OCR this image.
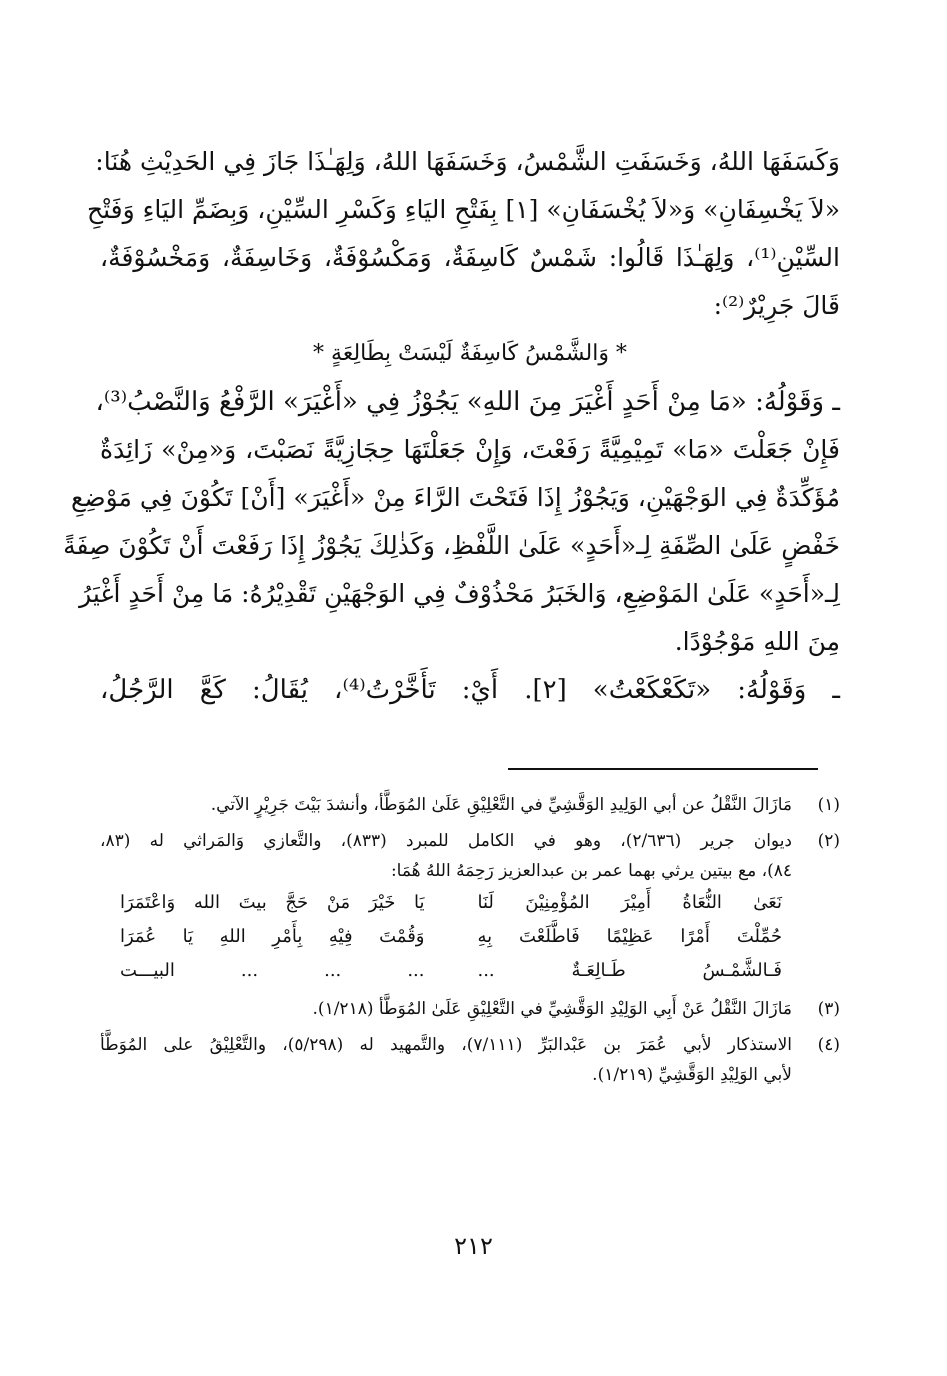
وَكَسَفَهَا اللهُ، وَخَسَفَتِ الشَّمْسُ، وَخَسَفَهَا اللهُ، وَلِهَـٰذَا جَازَ فِي الحَدِيْثِ هُنَا:
«لاَ يَخْسِفَانِ» وَ«لاَ يُخْسَفَانِ» [١] بِفَتْحِ اليَاءِ وَكَسْرِ السِّيْنِ، وَبِضَمِّ اليَاءِ وَفَتْحِ
السِّيْنِ⁽¹⁾، وَلِهَـٰذَا قَالُوا: شَمْسٌ كَاسِفَةٌ، وَمَكْسُوْفَةٌ، وَخَاسِفَةٌ، وَمَخْسُوْفَةٌ،
قَالَ جَرِيْرٌ⁽²⁾:
* وَالشَّمْسُ كَاسِفَةٌ لَيْسَتْ بِطَالِعَةٍ *
ـ وَقَوْلُهُ: «مَا مِنْ أَحَدٍ أَغْيَرَ مِنَ اللهِ» يَجُوْزُ فِي «أَغْيَرَ» الرَّفْعُ وَالنَّصْبُ⁽³⁾،
فَإِنْ جَعَلْتَ «مَا» تَمِيْمِيَّةً رَفَعْتَ، وَإِنْ جَعَلْتَهَا حِجَازِيَّةً نَصَبْتَ، وَ«مِنْ» زَائِدَةٌ
مُؤَكِّدَةٌ فِي الوَجْهَيْنِ، وَيَجُوْزُ إِذَا فَتَحْتَ الرَّاءَ مِنْ «أَغْيَرَ» [أَنْ] تَكُوْنَ فِي مَوْضِعِ
خَفْضٍ عَلَىٰ الصِّفَةِ لِـ«أَحَدٍ» عَلَىٰ اللَّفْظِ، وَكَذٰلِكَ يَجُوْزُ إِذَا رَفَعْتَ أَنْ تَكُوْنَ صِفَةً
لِـ«أَحَدٍ» عَلَىٰ المَوْضِعِ، وَالخَبَرُ مَحْذُوْفٌ فِي الوَجْهَيْنِ تَقْدِيْرُهُ: مَا مِنْ أَحَدٍ أَغْيَرُ
مِنَ اللهِ مَوْجُوْدًا.
ـ وَقَوْلُهُ: «تَكَعْكَعْتُ» [٢]. أَيْ: تَأَخَّرْتُ⁽⁴⁾، يُقَالُ: كَعَّ الرَّجُلُ،
(١)
مَازَالَ النَّقْلُ عن أبي الوَلِيدِ الوَقَّشِيِّ في التَّعْلِيْقِ عَلَىٰ المُوَطَّأ، وأنشدَ بَيْتَ جَرِيْرٍ الآتي.
(٢)
ديوان جرير (٢/٦٣٦)، وهو في الكامل للمبرد (٨٣٣)، والتَّعازي وَالمَراثي له (٨٣،
٨٤)، مع بيتين يرثي بهما عمر بن عبدالعزيز رَحِمَهُ اللهُ هُمَا:
نَعَىٰ النُّعَاةُ أَمِيْرَ المُؤْمِنِيْنَ لَنَا
يَا خَيْرَ مَنْ حَجَّ بيتَ الله وَاعْتَمَرَا
حُمِّلْتَ أَمْرًا عَظِيْمًا فَاطَّلَعْتَ بِهِ
وَقُمْتَ فِيْهِ بِأَمْرِ اللهِ يَا عُمَرَا
فَـالشَّمْـسُ طَـالِعَـةٌ ...
... ... ... البيـــت
(٣)
مَازَالَ النَّقْلُ عَنْ أَبِي الوَلِيْدِ الوَقَّشِيِّ في التَّعْلِيْقِ عَلَىٰ المُوَطَّأ (١/٢١٨).
(٤)
الاستذكار لأبي عُمَرَ بن عَبْدالبَرِّ (٧/١١١)، والتَّمهيد له (٥/٢٩٨)، والتَّعْلِيْقُ على المُوَطَّأ
لأبي الوَلِيْدِ الوَقَّشِيِّ (١/٢١٩).
٢١٢
